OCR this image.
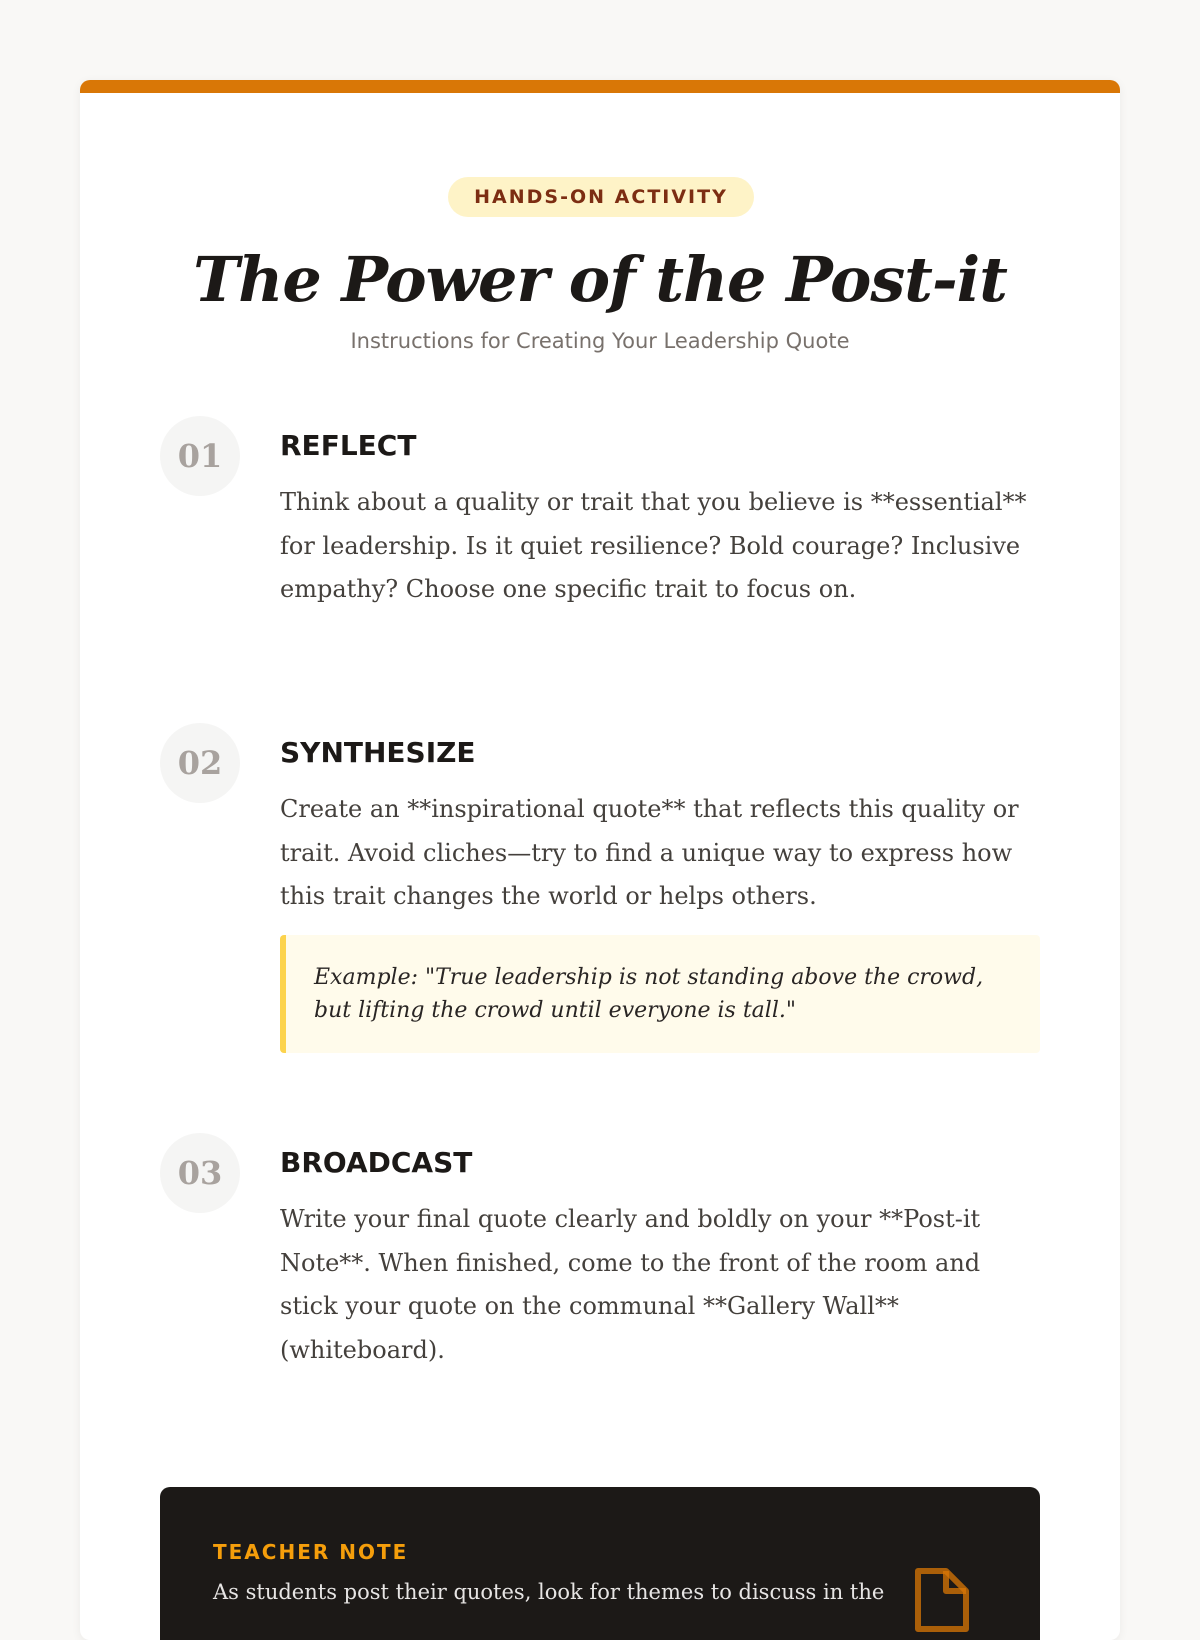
HANDS-ON ACTIVITY
The Power of the Post-it
Instructions for Creating Your Leadership Quote
01	REFLECT
Think about a quality or trait that you believe is **essential** for leadership. Is it quiet resilience? Bold courage? Inclusive empathy? Choose one specific trait to focus on.
02	SYNTHESIZE
Create an **inspirational quote** that reflects this quality or trait. Avoid cliches—try to find a unique way to express how this trait changes the world or helps others.
Example: "True leadership is not standing above the crowd, but lifting the crowd until everyone is tall."
03	BROADCAST
Write your final quote clearly and boldly on your **Post-it Note**. When finished, come to the front of the room and stick your quote on the communal **Gallery Wall** (whiteboard).
TEACHER NOTE
As students post their quotes, look for themes to discuss in the
